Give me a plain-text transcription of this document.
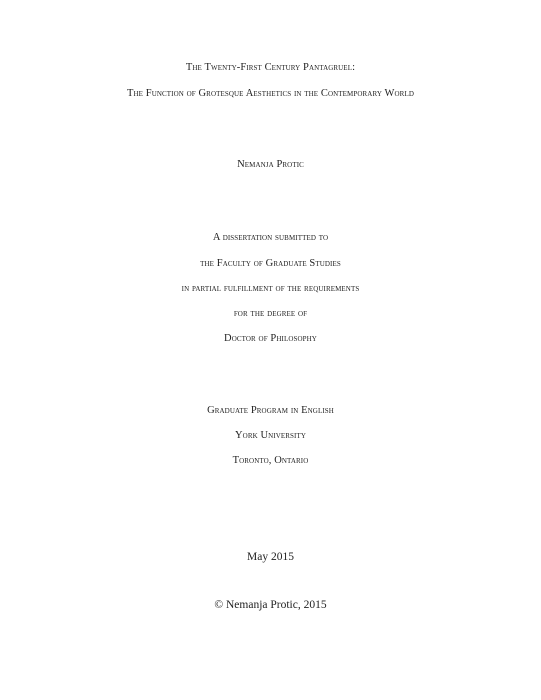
The Twenty-First Century Pantagruel:
The Function of Grotesque Aesthetics in the Contemporary World
Nemanja Protic
A dissertation submitted to
the Faculty of Graduate Studies
in partial fulfillment of the requirements
for the degree of
Doctor of Philosophy
Graduate Program in English
York University
Toronto, Ontario
May 2015
© Nemanja Protic, 2015
